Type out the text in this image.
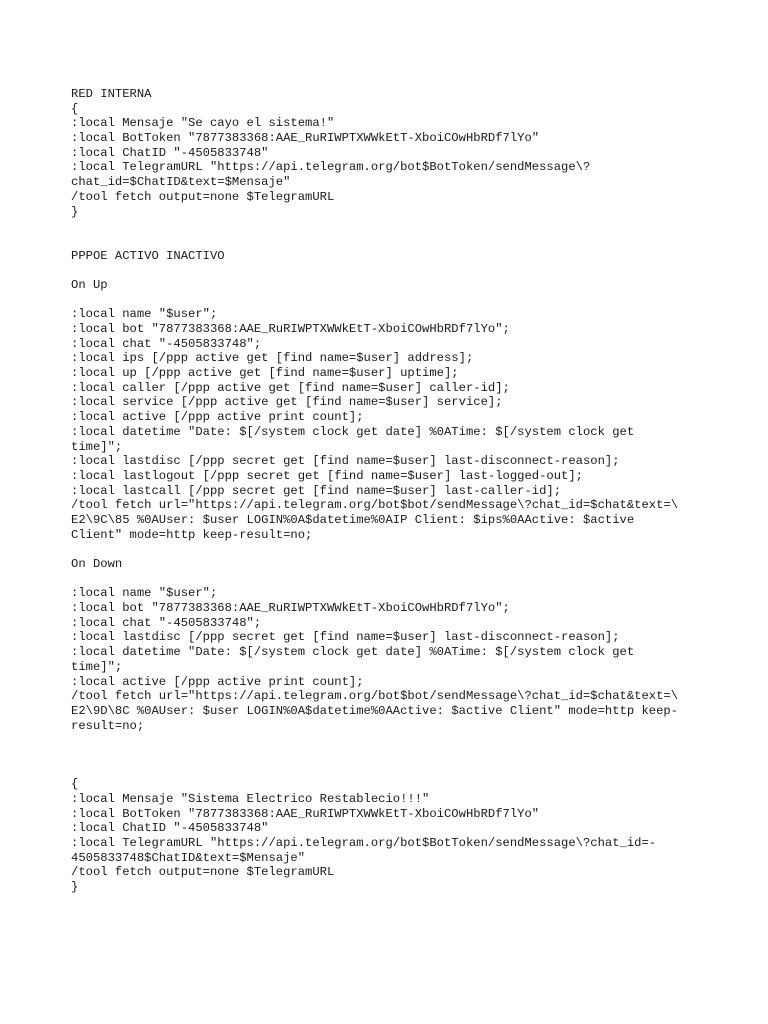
RED INTERNA
{
:local Mensaje "Se cayo el sistema!"
:local BotToken "7877383368:AAE_RuRIWPTXWWkEtT-XboiCOwHbRDf7lYo"
:local ChatID "-4505833748"
:local TelegramURL "https://api.telegram.org/bot$BotToken/sendMessage\?
chat_id=$ChatID&text=$Mensaje"
/tool fetch output=none $TelegramURL
}
PPPOE ACTIVO INACTIVO
On Up
:local name "$user";
:local bot "7877383368:AAE_RuRIWPTXWWkEtT-XboiCOwHbRDf7lYo";
:local chat "-4505833748";
:local ips [/ppp active get [find name=$user] address];
:local up [/ppp active get [find name=$user] uptime];
:local caller [/ppp active get [find name=$user] caller-id];
:local service [/ppp active get [find name=$user] service];
:local active [/ppp active print count];
:local datetime "Date: $[/system clock get date] %0ATime: $[/system clock get
time]";
:local lastdisc [/ppp secret get [find name=$user] last-disconnect-reason];
:local lastlogout [/ppp secret get [find name=$user] last-logged-out];
:local lastcall [/ppp secret get [find name=$user] last-caller-id];
/tool fetch url="https://api.telegram.org/bot$bot/sendMessage\?chat_id=$chat&text=\
E2\9C\85 %0AUser: $user LOGIN%0A$datetime%0AIP Client: $ips%0AActive: $active
Client" mode=http keep-result=no;
On Down
:local name "$user";
:local bot "7877383368:AAE_RuRIWPTXWWkEtT-XboiCOwHbRDf7lYo";
:local chat "-4505833748";
:local lastdisc [/ppp secret get [find name=$user] last-disconnect-reason];
:local datetime "Date: $[/system clock get date] %0ATime: $[/system clock get
time]";
:local active [/ppp active print count];
/tool fetch url="https://api.telegram.org/bot$bot/sendMessage\?chat_id=$chat&text=\
E2\9D\8C %0AUser: $user LOGIN%0A$datetime%0AActive: $active Client" mode=http keep-
result=no;
{
:local Mensaje "Sistema Electrico Restablecio!!!"
:local BotToken "7877383368:AAE_RuRIWPTXWWkEtT-XboiCOwHbRDf7lYo"
:local ChatID "-4505833748"
:local TelegramURL "https://api.telegram.org/bot$BotToken/sendMessage\?chat_id=-
4505833748$ChatID&text=$Mensaje"
/tool fetch output=none $TelegramURL
}
